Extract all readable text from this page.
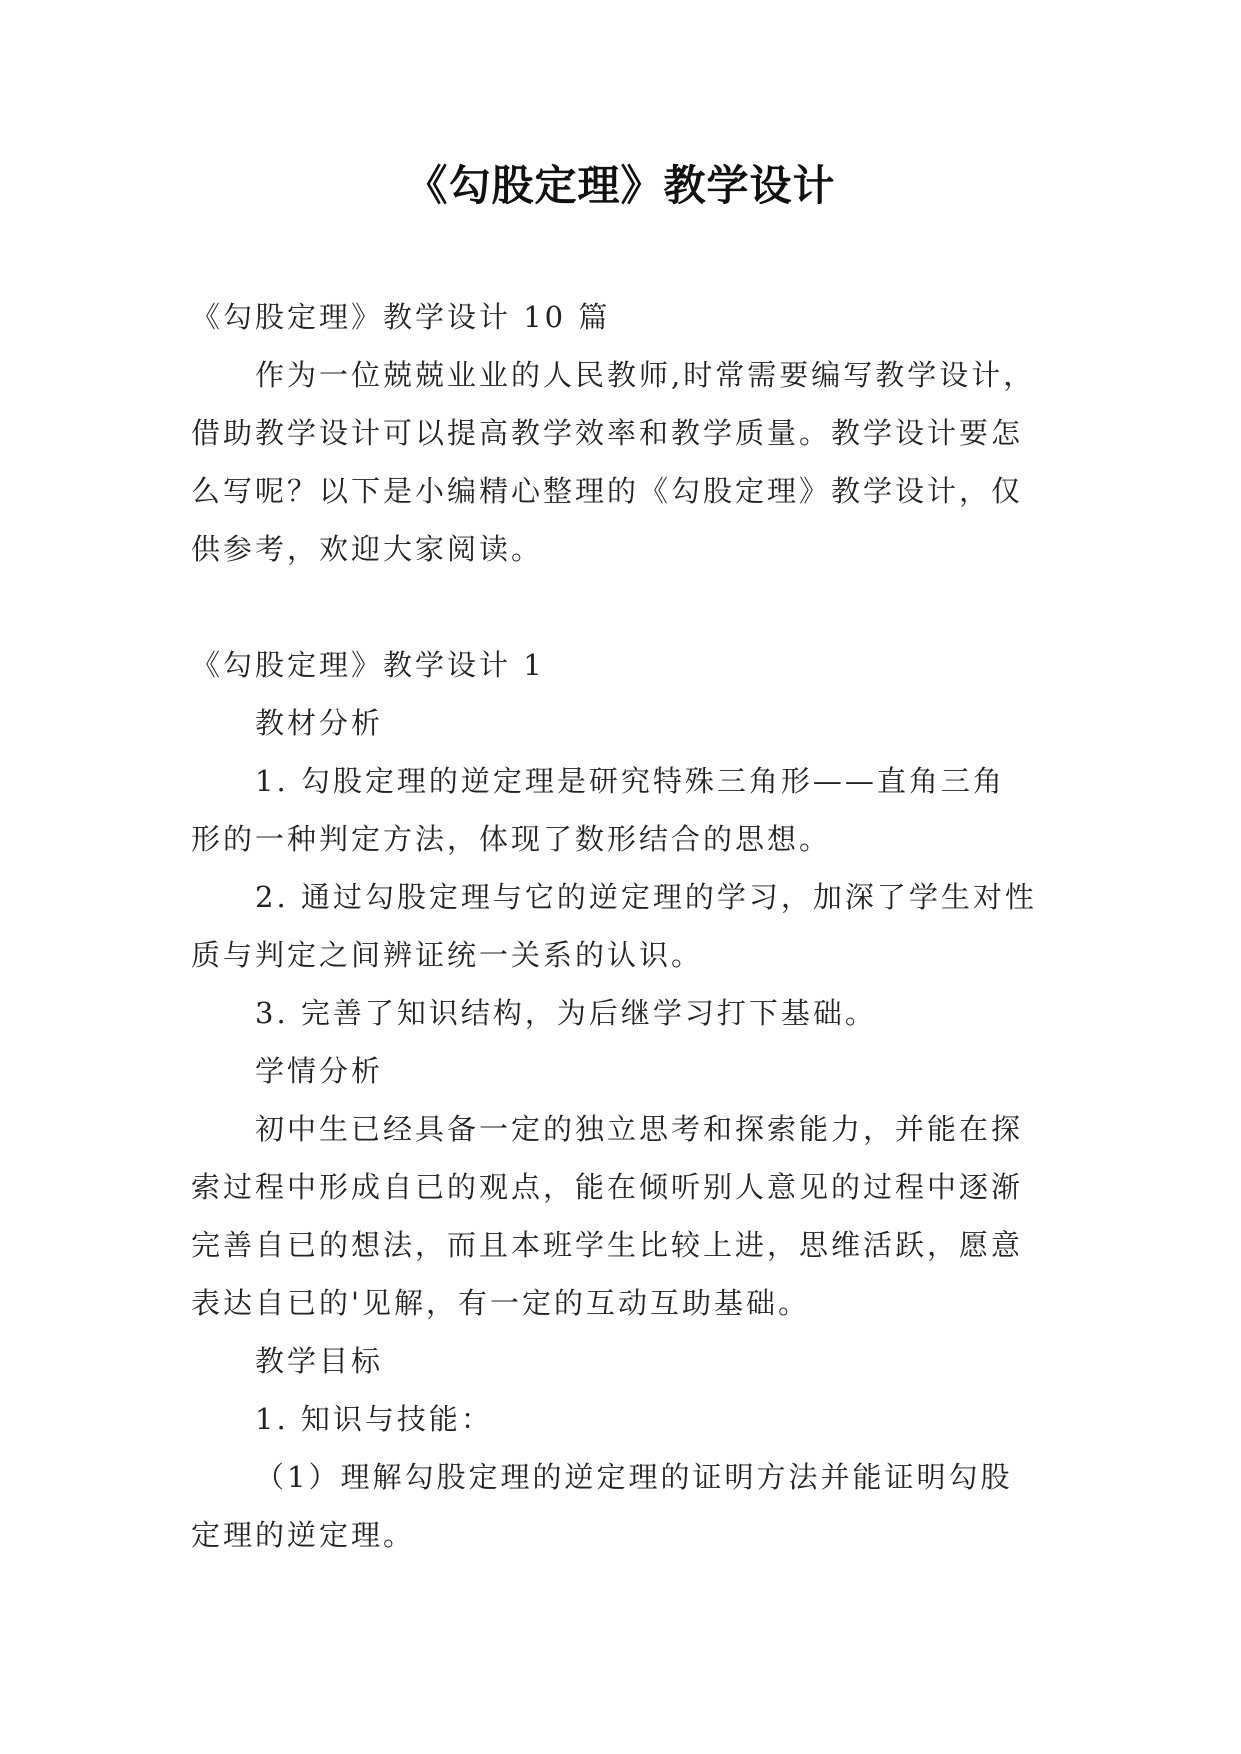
《勾股定理》教学设计

《勾股定理》教学设计 10 篇

作为一位兢兢业业的人民教师,时常需要编写教学设计，

借助教学设计可以提高教学效率和教学质量。教学设计要怎

么写呢？以下是小编精心整理的《勾股定理》教学设计，仅

供参考，欢迎大家阅读。

《勾股定理》教学设计 1

教材分析

1. 勾股定理的逆定理是研究特殊三角形——直角三角

形的一种判定方法，体现了数形结合的思想。

2. 通过勾股定理与它的逆定理的学习，加深了学生对性

质与判定之间辨证统一关系的认识。

3. 完善了知识结构，为后继学习打下基础。

学情分析

初中生已经具备一定的独立思考和探索能力，并能在探

索过程中形成自已的观点，能在倾听别人意见的过程中逐渐

完善自已的想法，而且本班学生比较上进，思维活跃，愿意

表达自已的'见解，有一定的互动互助基础。

教学目标

1. 知识与技能：

（1）理解勾股定理的逆定理的证明方法并能证明勾股

定理的逆定理。
